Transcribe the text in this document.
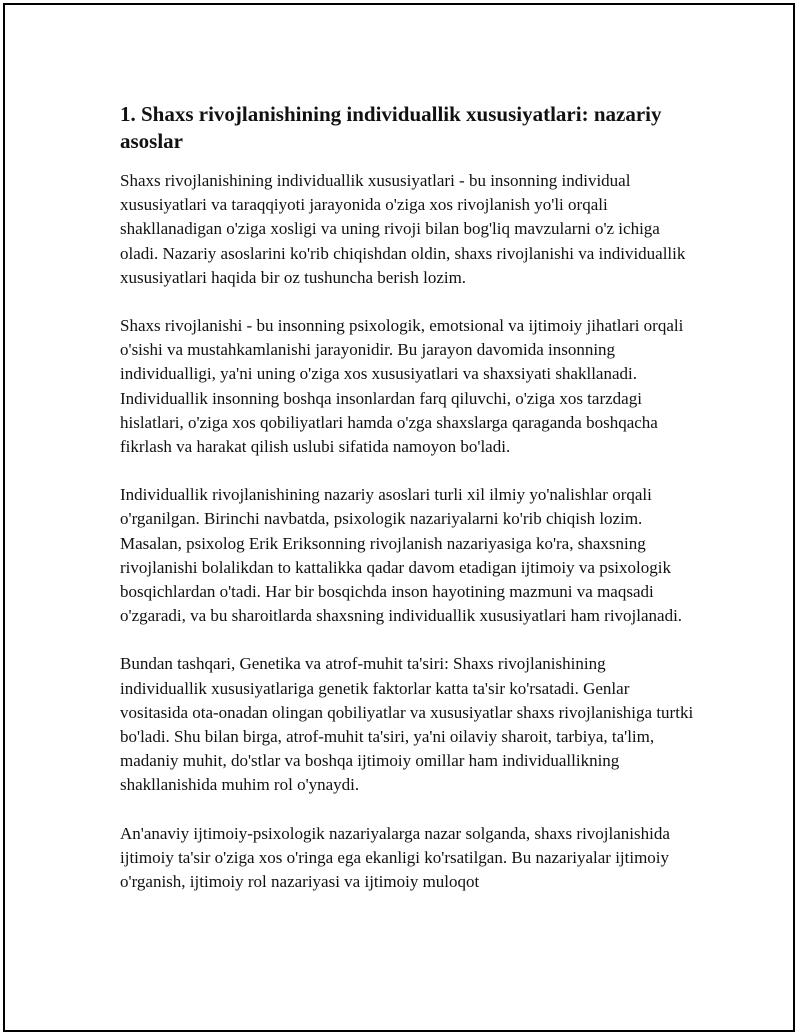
1. Shaxs rivojlanishining individuallik xususiyatlari: nazariy asoslar

Shaxs rivojlanishining individuallik xususiyatlari - bu insonning individual xususiyatlari va taraqqiyoti jarayonida o'ziga xos rivojlanish yo'li orqali shakllanadigan o'ziga xosligi va uning rivoji bilan bog'liq mavzularni o'z ichiga oladi. Nazariy asoslarini ko'rib chiqishdan oldin, shaxs rivojlanishi va individuallik xususiyatlari haqida bir oz tushuncha berish lozim.

Shaxs rivojlanishi - bu insonning psixologik, emotsional va ijtimoiy jihatlari orqali o'sishi va mustahkamlanishi jarayonidir. Bu jarayon davomida insonning individualligi, ya'ni uning o'ziga xos xususiyatlari va shaxsiyati shakllanadi. Individuallik insonning boshqa insonlardan farq qiluvchi, o'ziga xos tarzdagi hislatlari, o'ziga xos qobiliyatlari hamda o'zga shaxslarga qaraganda boshqacha fikrlash va harakat qilish uslubi sifatida namoyon bo'ladi.

Individuallik rivojlanishining nazariy asoslari turli xil ilmiy yo'nalishlar orqali o'rganilgan. Birinchi navbatda, psixologik nazariyalarni ko'rib chiqish lozim. Masalan, psixolog Erik Eriksonning rivojlanish nazariyasiga ko'ra, shaxsning rivojlanishi bolalikdan to kattalikka qadar davom etadigan ijtimoiy va psixologik bosqichlardan o'tadi. Har bir bosqichda inson hayotining mazmuni va maqsadi o'zgaradi, va bu sharoitlarda shaxsning individuallik xususiyatlari ham rivojlanadi.

Bundan tashqari, Genetika va atrof-muhit ta'siri: Shaxs rivojlanishining individuallik xususiyatlariga genetik faktorlar katta ta'sir ko'rsatadi. Genlar vositasida ota-onadan olingan qobiliyatlar va xususiyatlar shaxs rivojlanishiga turtki bo'ladi. Shu bilan birga, atrof-muhit ta'siri, ya'ni oilaviy sharoit, tarbiya, ta'lim, madaniy muhit, do'stlar va boshqa ijtimoiy omillar ham individuallikning shakllanishida muhim rol o'ynaydi.

An'anaviy ijtimoiy-psixologik nazariyalarga nazar solganda, shaxs rivojlanishida ijtimoiy ta'sir o'ziga xos o'ringa ega ekanligi ko'rsatilgan. Bu nazariyalar ijtimoiy o'rganish, ijtimoiy rol nazariyasi va ijtimoiy muloqot
